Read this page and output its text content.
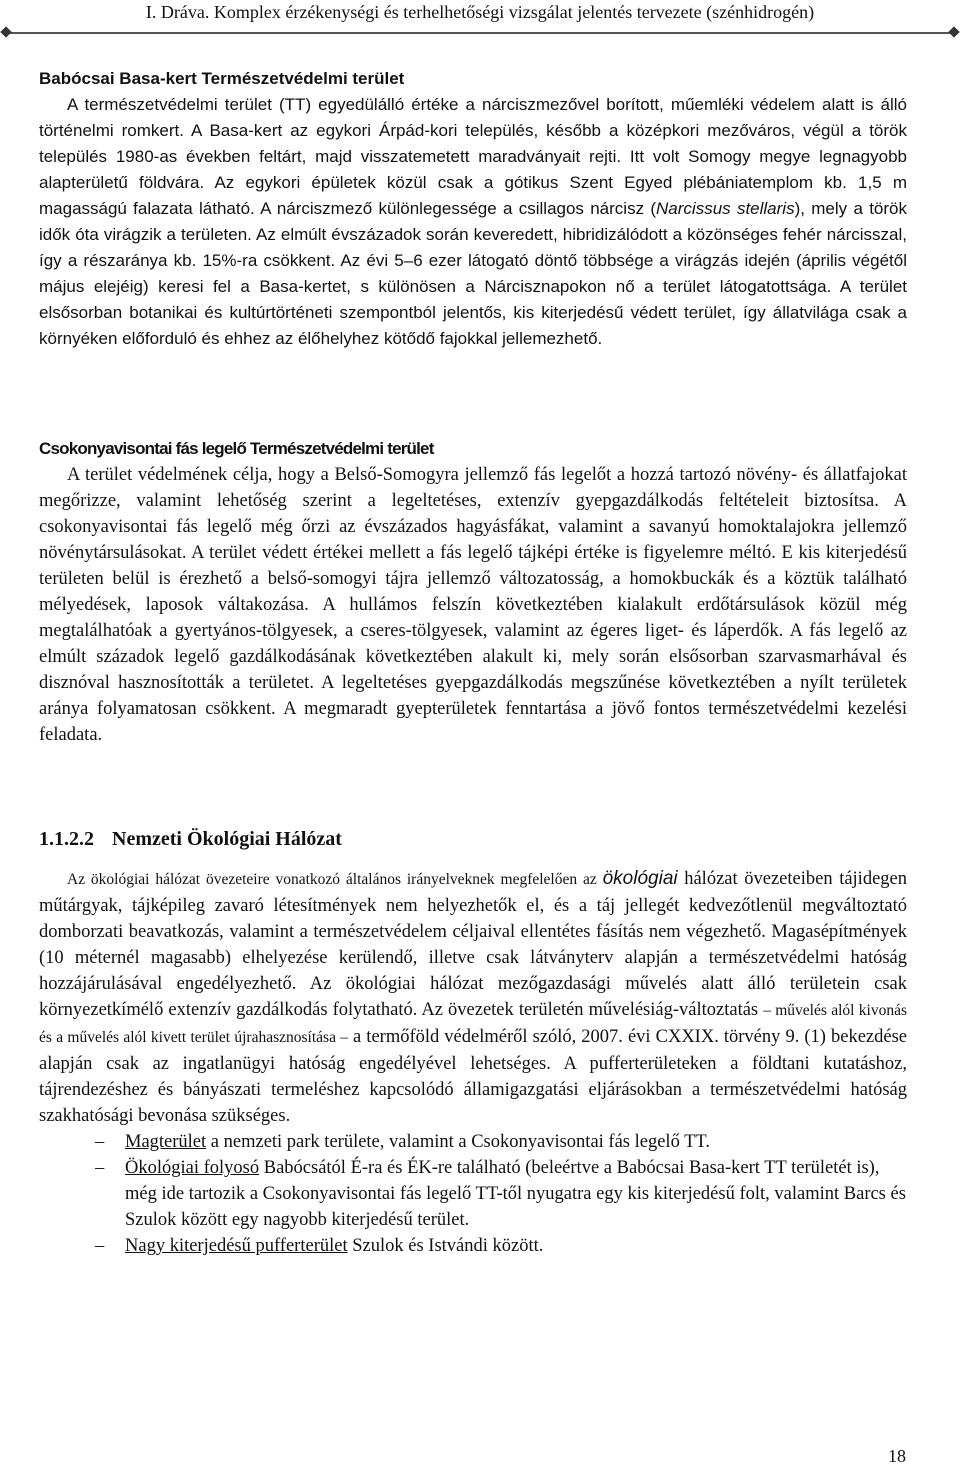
I. Dráva. Komplex érzékenységi és terhelhetőségi vizsgálat jelentés tervezete (szénhidrogén)
Babócsai Basa-kert Természetvédelmi terület
A természetvédelmi terület (TT) egyedülálló értéke a nárciszmezővel borított, műemléki védelem alatt is álló történelmi romkert. A Basa-kert az egykori Árpád-kori település, később a középkori mezőváros, végül a török település 1980-as években feltárt, majd visszatemetett maradványait rejti. Itt volt Somogy megye legnagyobb alapterületű földvára. Az egykori épületek közül csak a gótikus Szent Egyed plébániatemplom kb. 1,5 m magasságú falazata látható. A nárciszmező különlegessége a csillagos nárcisz (Narcissus stellaris), mely a török idők óta virágzik a területen. Az elmúlt évszázadok során keveredett, hibridizálódott a közönséges fehér nárcisszal, így a részaránya kb. 15%-ra csökkent. Az évi 5–6 ezer látogató döntő többsége a virágzás idején (április végétől május elejéig) keresi fel a Basa-kertet, s különösen a Nárcisznapokon nő a terület látogatottsága. A terület elsősorban botanikai és kultúrtörténeti szempontból jelentős, kis kiterjedésű védett terület, így állatvilága csak a környéken előforduló és ehhez az élőhelyhez kötődő fajokkal jellemezhető.
Csokonyavisontai fás legelő Természetvédelmi terület
A terület védelmének célja, hogy a Belső-Somogyra jellemző fás legelőt a hozzá tartozó növény- és állatfajokat megőrizze, valamint lehetőség szerint a legeltetéses, extenzív gyepgazdálkodás feltételeit biztosítsa. A csokonyavisontai fás legelő még őrzi az évszázados hagyásfákat, valamint a savanyú homoktalajokra jellemző növénytársulásokat. A terület védett értékei mellett a fás legelő tájképi értéke is figyelemre méltó. E kis kiterjedésű területen belül is érezhető a belső-somogyi tájra jellemző változatosság, a homokbuckák és a köztük található mélyedések, laposok váltakozása. A hullámos felszín következtében kialakult erdőtársulások közül még megtalálhatóak a gyertyános-tölgyesek, a cseres-tölgyesek, valamint az égeres liget- és láperdők. A fás legelő az elmúlt századok legelő gazdálkodásának következtében alakult ki, mely során elsősorban szarvasmarhával és disznóval hasznosították a területet. A legeltetéses gyepgazdálkodás megszűnése következtében a nyílt területek aránya folyamatosan csökkent. A megmaradt gyepterületek fenntartása a jövő fontos természetvédelmi kezelési feladata.
1.1.2.2 Nemzeti Ökológiai Hálózat
Az ökológiai hálózat övezeteire vonatkozó általános irányelveknek megfelelően az ökológiai hálózat övezeteiben tájidegen műtárgyak, tájképileg zavaró létesítmények nem helyezhetők el, és a táj jellegét kedvezőtlenül megváltoztató domborzati beavatkozás, valamint a természetvédelem céljaival ellentétes fásítás nem végezhető. Magasépítmények (10 méternél magasabb) elhelyezése kerülendő, illetve csak látványterv alapján a természetvédelmi hatóság hozzájárulásával engedélyezhető. Az ökológiai hálózat mezőgazdasági művelés alatt álló területein csak környezetkímélő extenzív gazdálkodás folytatható. Az övezetek területén művelésiág-változtatás – művelés alól kivonás és a művelés alól kivett terület újrahasznosítása – a termőföld védelméről szóló, 2007. évi CXXIX. törvény 9. (1) bekezdése alapján csak az ingatlanügyi hatóság engedélyével lehetséges. A pufferterületeken a földtani kutatáshoz, tájrendezéshez és bányászati termeléshez kapcsolódó államigazgatási eljárásokban a természetvédelmi hatóság szakhatósági bevonása szükséges.
– Magterület a nemzeti park területe, valamint a Csokonyavisontai fás legelő TT.
– Ökológiai folyosó Babócsától É-ra és ÉK-re található (beleértve a Babócsai Basa-kert TT területét is), még ide tartozik a Csokonyavisontai fás legelő TT-től nyugatra egy kis kiterjedésű folt, valamint Barcs és Szulok között egy nagyobb kiterjedésű terület.
– Nagy kiterjedésű pufferterület Szulok és Istvándi között.
18
